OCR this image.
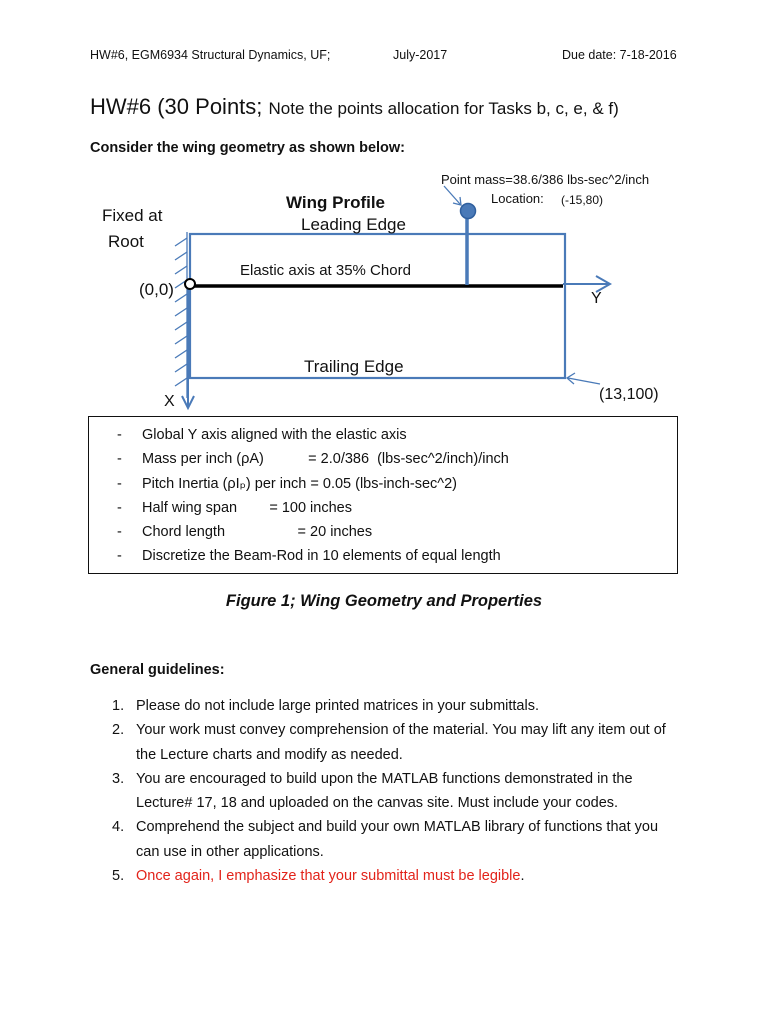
HW#6, EGM6934 Structural Dynamics, UF;	July-2017	Due date: 7-18-2016
HW#6 (30 Points; Note the points allocation for Tasks b, c, e, & f)
Consider the wing geometry as shown below:
Fixed at
Root
(0,0)
Wing Profile
Leading Edge
Elastic axis at 35% Chord
Trailing Edge
Y
X	(13,100)
Point mass=38.6/386 lbs-sec^2/inch
Location: (-15,80)
-	Global Y axis aligned with the elastic axis
-	Mass per inch (ρA)           = 2.0/386  (lbs-sec^2/inch)/inch
-	Pitch Inertia (ρIₚ) per inch = 0.05 (lbs-inch-sec^2)
-	Half wing span        = 100 inches
-	Chord length                  = 20 inches
-	Discretize the Beam-Rod in 10 elements of equal length
Figure 1; Wing Geometry and Properties
General guidelines:
1. Please do not include large printed matrices in your submittals.
2. Your work must convey comprehension of the material. You may lift any item out of the Lecture charts and modify as needed.
3. You are encouraged to build upon the MATLAB functions demonstrated in the Lecture# 17, 18 and uploaded on the canvas site. Must include your codes.
4. Comprehend the subject and build your own MATLAB library of functions that you can use in other applications.
5. Once again, I emphasize that your submittal must be legible.
